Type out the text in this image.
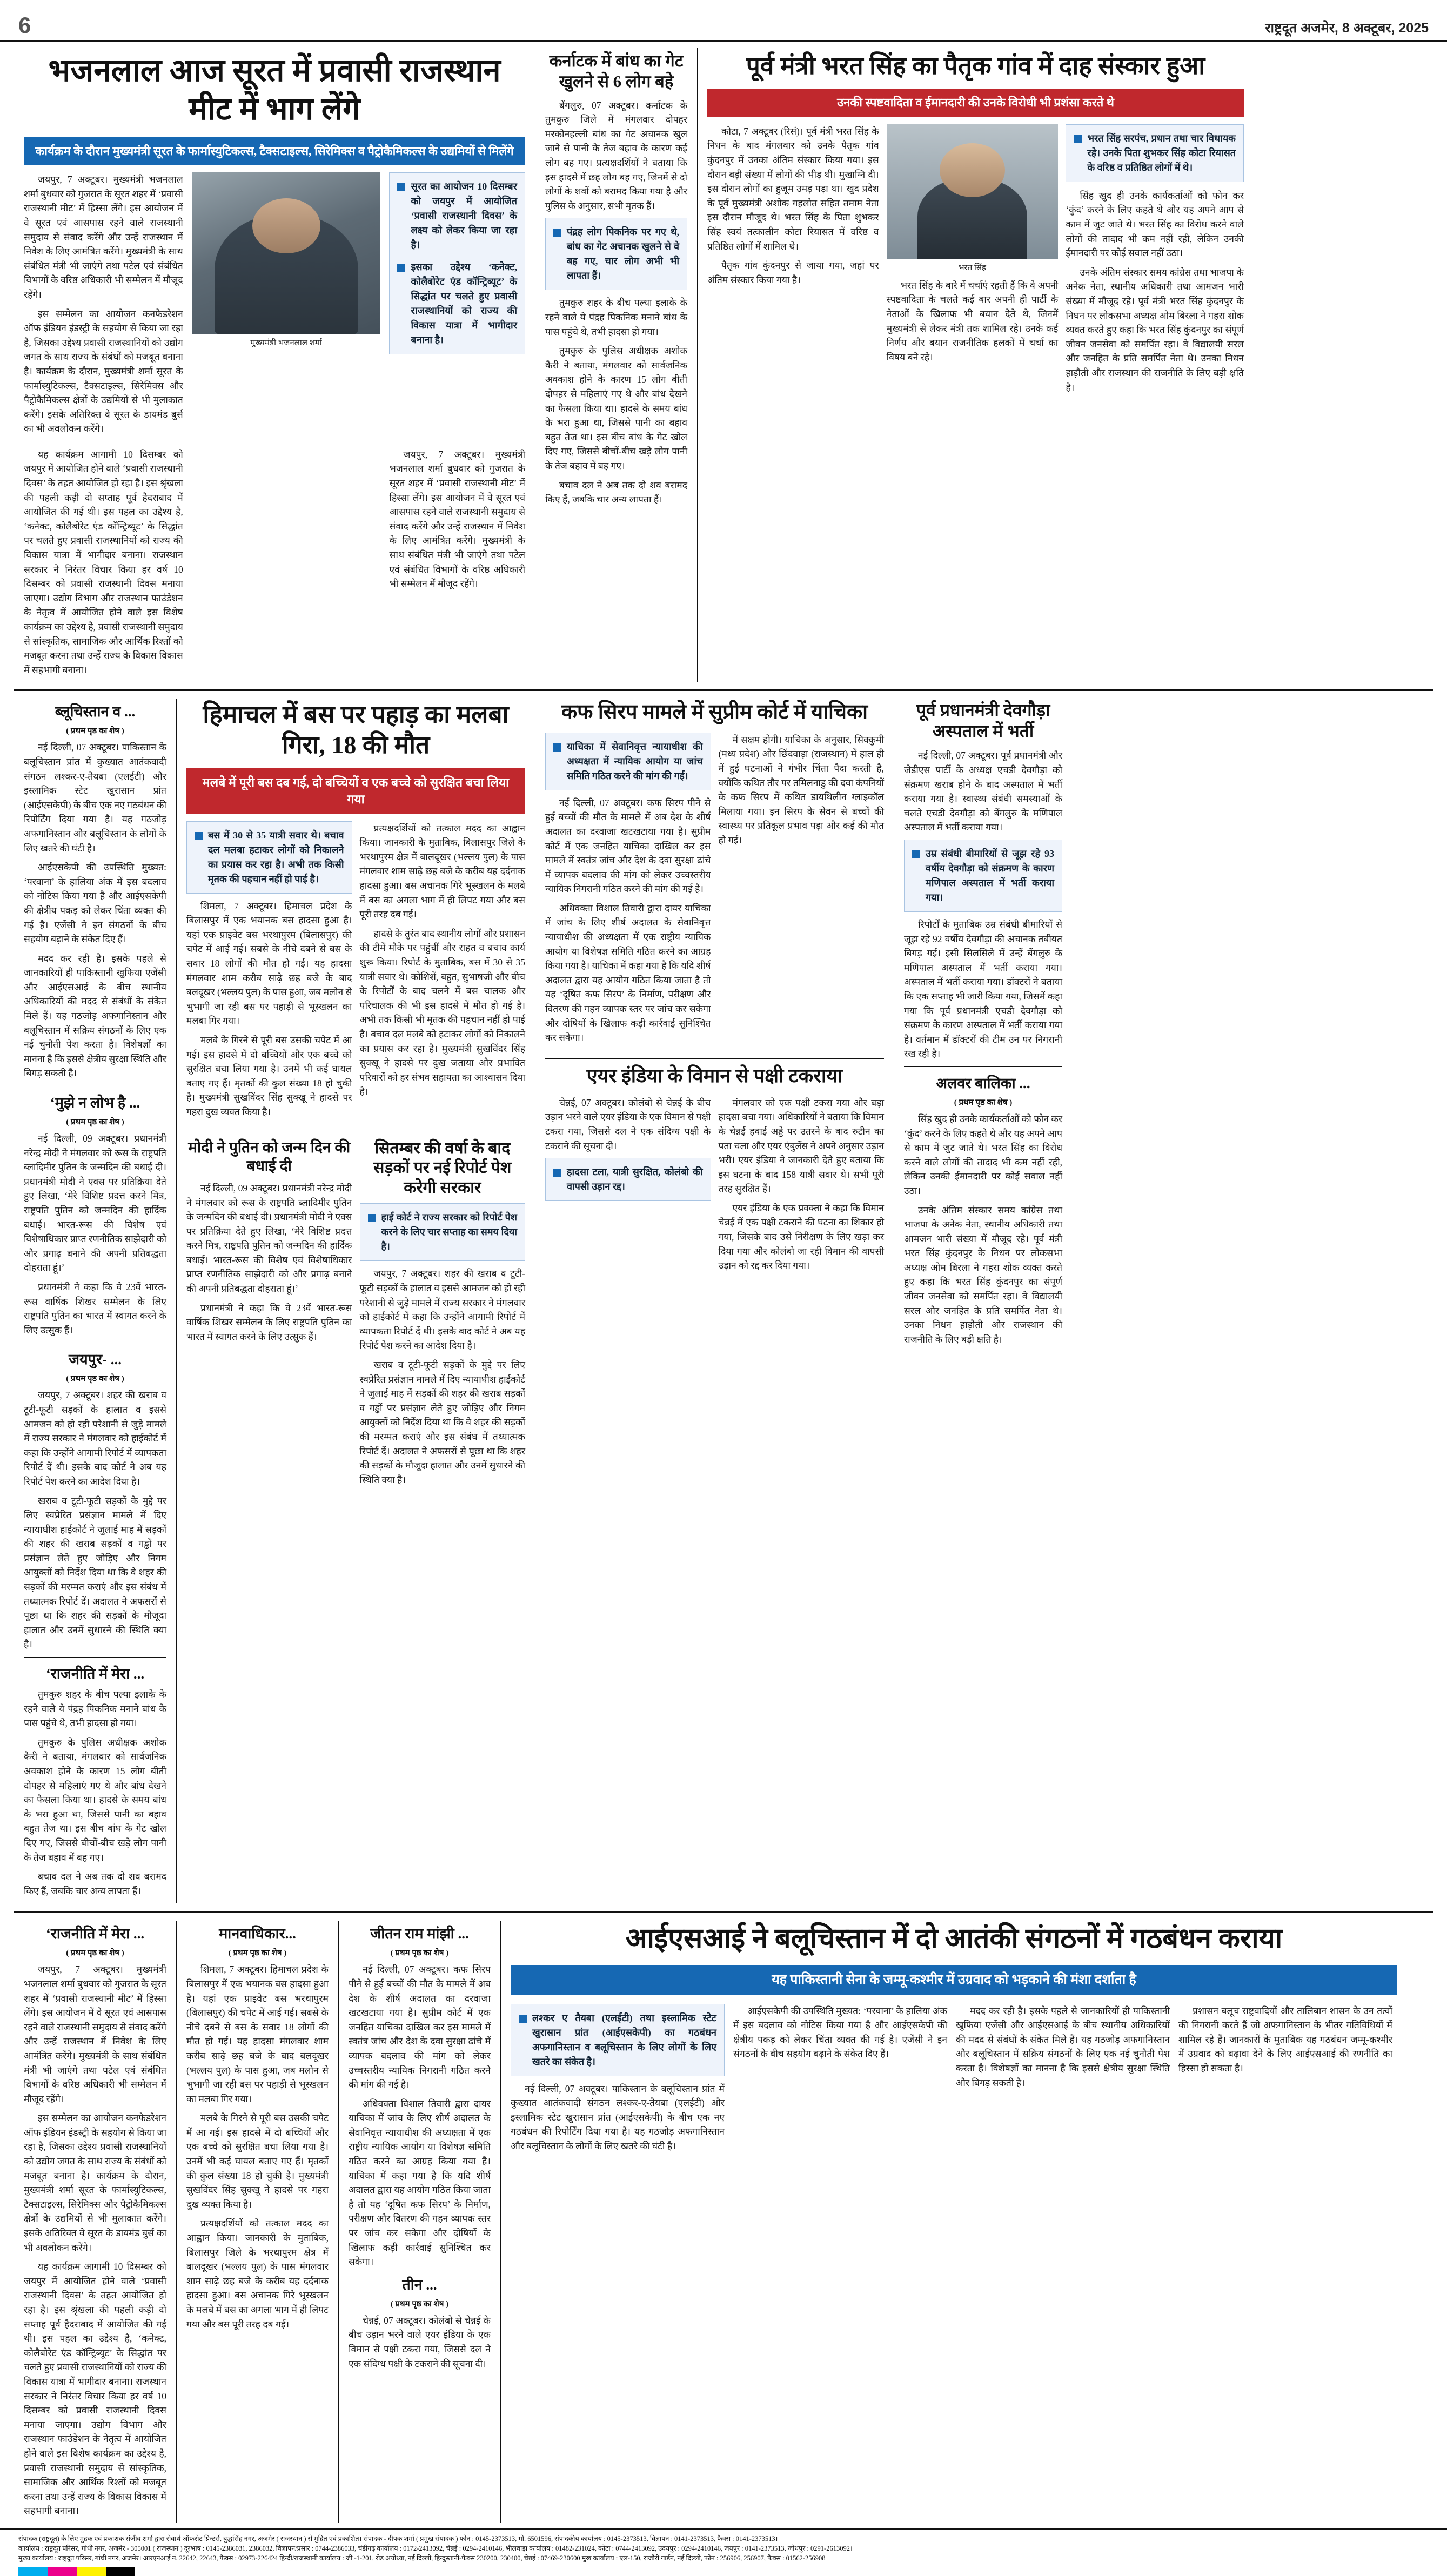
6	राष्ट्रदूत अजमेर, 8 अक्टूबर, 2025
भजनलाल आज सूरत में प्रवासी राजस्थान मीट में भाग लेंगे
कार्यक्रम के दौरान मुख्यमंत्री सूरत के फार्मास्युटिकल्स, टैक्सटाइल्स, सिरेमिक्स व पैट्रोकैमिकल्स के उद्यमियों से मिलेंगे

जयपुर, 7 अक्टूबर। मुख्यमंत्री भजनलाल शर्मा बुधवार को गुजरात के सूरत शहर में ‘प्रवासी राजस्थानी मीट’ में हिस्सा लेंगे। इस आयोजन में वे सूरत एवं आसपास रहने वाले राजस्थानी समुदाय से संवाद करेंगे और उन्हें राजस्थान में निवेश के लिए आमंत्रित करेंगे। मुख्यमंत्री के साथ संबंधित मंत्री भी जाएंगे तथा पटेल एवं संबंधित विभागों के वरिष्ठ अधिकारी भी सम्मेलन में मौजूद रहेंगे।

इस सम्मेलन का आयोजन कनफेडरेशन ऑफ इंडियन इंडस्ट्री के सहयोग से किया जा रहा है, जिसका उद्देश्य प्रवासी राजस्थानियों को उद्योग जगत के साथ राज्य के संबंधों को मजबूत बनाना है। कार्यक्रम के दौरान, मुख्यमंत्री शर्मा सूरत के फार्मास्युटिकल्स, टैक्सटाइल्स, सिरेमिक्स और पैट्रोकैमिकल्स क्षेत्रों के उद्यमियों से भी मुलाकात करेंगे। इसके अतिरिक्त वे सूरत के डायमंड बुर्स का भी अवलोकन करेंगे।

मुख्यमंत्री भजनलाल शर्मा
सूरत का आयोजन 10 दिसम्बर को जयपुर में आयोजित ‘प्रवासी राजस्थानी दिवस’ के लक्ष्य को लेकर किया जा रहा है।
इसका उद्देश्य ‘कनेक्ट, कोलैबोरेट एंड कॉन्ट्रिब्यूट’ के सिद्धांत पर चलते हुए प्रवासी राजस्थानियों को राज्य की विकास यात्रा में भागीदार बनाना है।

यह कार्यक्रम आगामी 10 दिसम्बर को जयपुर में आयोजित होने वाले ‘प्रवासी राजस्थानी दिवस’ के तहत आयोजित हो रहा है। इस श्रृंखला की पहली कड़ी दो सप्ताह पूर्व हैदराबाद में आयोजित की गई थी। इस पहल का उद्देश्य है, ‘कनेक्ट, कोलैबोरेट एंड कॉन्ट्रिब्यूट’ के सिद्धांत पर चलते हुए प्रवासी राजस्थानियों को राज्य की विकास यात्रा में भागीदार बनाना। राजस्थान सरकार ने निरंतर विचार किया हर वर्ष 10 दिसम्बर को प्रवासी राजस्थानी दिवस मनाया जाएगा। उद्योग विभाग और राजस्थान फाउंडेशन के नेतृत्व में आयोजित होने वाले इस विशेष कार्यक्रम का उद्देश्य है, प्रवासी राजस्थानी समुदाय से सांस्कृतिक, सामाजिक और आर्थिक रिश्तों को मजबूत करना तथा उन्हें राज्य के विकास विकास में सहभागी बनाना।

जयपुर, 7 अक्टूबर। मुख्यमंत्री भजनलाल शर्मा बुधवार को गुजरात के सूरत शहर में ‘प्रवासी राजस्थानी मीट’ में हिस्सा लेंगे। इस आयोजन में वे सूरत एवं आसपास रहने वाले राजस्थानी समुदाय से संवाद करेंगे और उन्हें राजस्थान में निवेश के लिए आमंत्रित करेंगे। मुख्यमंत्री के साथ संबंधित मंत्री भी जाएंगे तथा पटेल एवं संबंधित विभागों के वरिष्ठ अधिकारी भी सम्मेलन में मौजूद रहेंगे।

कर्नाटक में बांध का गेट खुलने से 6 लोग बहे

बेंगलुरु, 07 अक्टूबर। कर्नाटक के तुमकुरु जिले में मंगलवार दोपहर मरकोनहल्ली बांध का गेट अचानक खुल जाने से पानी के तेज बहाव के कारण कई लोग बह गए। प्रत्यक्षदर्शियों ने बताया कि इस हादसे में छह लोग बह गए, जिनमें से दो लोगों के शवों को बरामद किया गया है और पुलिस के अनुसार, सभी मृतक हैं।

पंद्रह लोग पिकनिक पर गए थे, बांध का गेट अचानक खुलने से वे बह गए, चार लोग अभी भी लापता हैं।

तुमकुरु शहर के बीच पल्या इलाके के रहने वाले ये पंद्रह पिकनिक मनाने बांध के पास पहुंचे थे, तभी हादसा हो गया।

तुमकुरु के पुलिस अधीक्षक अशोक कैरी ने बताया, मंगलवार को सार्वजनिक अवकाश होने के कारण 15 लोग बीती दोपहर से महिलाएं गए थे और बांध देखने का फैसला किया था। हादसे के समय बांध के भरा हुआ था, जिससे पानी का बहाव बहुत तेज था। इस बीच बांध के गेट खोल दिए गए, जिससे बीचों-बीच खड़े लोग पानी के तेज बहाव में बह गए।

बचाव दल ने अब तक दो शव बरामद किए हैं, जबकि चार अन्य लापता हैं।

पूर्व मंत्री भरत सिंह का पैतृक गांव में दाह संस्कार हुआ
उनकी स्पष्टवादिता व ईमानदारी की उनके विरोधी भी प्रशंसा करते थे

कोटा, 7 अक्टूबर (रिसं)। पूर्व मंत्री भरत सिंह के निधन के बाद मंगलवार को उनके पैतृक गांव कुंदनपुर में उनका अंतिम संस्कार किया गया। इस दौरान बड़ी संख्या में लोगों की भीड़ थी। मुखाग्नि दी। इस दौरान लोगों का हुजूम उमड़ पड़ा था। खुद प्रदेश के पूर्व मुख्यमंत्री अशोक गहलोत सहित तमाम नेता इस दौरान मौजूद थे। भरत सिंह के पिता शुभकर सिंह स्वयं तत्कालीन कोटा रियासत में वरिष्ठ व प्रतिष्ठित लोगों में शामिल थे।

पैतृक गांव कुंदनपुर से जाया गया, जहां पर अंतिम संस्कार किया गया है।

भरत सिंह

भरत सिंह के बारे में चर्चाएं रहती हैं कि वे अपनी स्पष्टवादिता के चलते कई बार अपनी ही पार्टी के नेताओं के खिलाफ भी बयान देते थे, जिनमें मुख्यमंत्री से लेकर मंत्री तक शामिल रहे। उनके कई निर्णय और बयान राजनीतिक हलकों में चर्चा का विषय बने रहे।

भरत सिंह सरपंच, प्रधान तथा चार विधायक रहे। उनके पिता शुभकर सिंह कोटा रियासत के वरिष्ठ व प्रतिष्ठित लोगों में थे।

सिंह खुद ही उनके कार्यकर्ताओं को फोन कर ‘कुंद’ करने के लिए कहते थे और यह अपने आप से काम में जुट जाते थे। भरत सिंह का विरोध करने वाले लोगों की तादाद भी कम नहीं रही, लेकिन उनकी ईमानदारी पर कोई सवाल नहीं उठा।

उनके अंतिम संस्कार समय कांग्रेस तथा भाजपा के अनेक नेता, स्थानीय अधिकारी तथा आमजन भारी संख्या में मौजूद रहे। पूर्व मंत्री भरत सिंह कुंदनपुर के निधन पर लोकसभा अध्यक्ष ओम बिरला ने गहरा शोक व्यक्त करते हुए कहा कि भरत सिंह कुंदनपुर का संपूर्ण जीवन जनसेवा को समर्पित रहा। वे विद्यालयी सरल और जनहित के प्रति समर्पित नेता थे। उनका निधन हाड़ौती और राजस्थान की राजनीति के लिए बड़ी क्षति है।

ब्लूचिस्तान व ...
( प्रथम पृष्ठ का शेष )

नई दिल्ली, 07 अक्टूबर। पाकिस्तान के बलूचिस्तान प्रांत में कुख्यात आतंकवादी संगठन लश्कर-ए-तैयबा (एलईटी) और इस्लामिक स्टेट खुरासान प्रांत (आईएसकेपी) के बीच एक नए गठबंधन की रिपोर्टिंग दिया गया है। यह गठजोड़ अफगानिस्तान और बलूचिस्तान के लोगों के लिए खतरे की घंटी है।

आईएसकेपी की उपस्थिति मुख्यत: ‘परवाना’ के हालिया अंक में इस बदलाव को नोटिस किया गया है और आईएसकेपी की क्षेत्रीय पकड़ को लेकर चिंता व्यक्त की गई है। एजेंसी ने इन संगठनों के बीच सहयोग बढ़ाने के संकेत दिए हैं।

मदद कर रही है। इसके पहले से जानकारियों ही पाकिस्तानी खुफिया एजेंसी और आईएसआई के बीच स्थानीय अधिकारियों की मदद से संबंधों के संकेत मिले हैं। यह गठजोड़ अफगानिस्तान और बलूचिस्तान में सक्रिय संगठनों के लिए एक नई चुनौती पेश करता है। विशेषज्ञों का मानना है कि इससे क्षेत्रीय सुरक्षा स्थिति और बिगड़ सकती है।

‘मुझे न लोभ है ...
( प्रथम पृष्ठ का शेष )

नई दिल्ली, 09 अक्टूबर। प्रधानमंत्री नरेन्द्र मोदी ने मंगलवार को रूस के राष्ट्रपति ब्लादिमीर पुतिन के जन्मदिन की बधाई दी। प्रधानमंत्री मोदी ने एक्स पर प्रतिक्रिया देते हुए लिखा, ‘मेरे विशिष्ट प्रदत्त करने मित्र, राष्ट्रपति पुतिन को जन्मदिन की हार्दिक बधाई। भारत-रूस की विशेष एवं विशेषाधिकार प्राप्त रणनीतिक साझेदारी को और प्रगाढ़ बनाने की अपनी प्रतिबद्धता दोहराता हूं।’

प्रधानमंत्री ने कहा कि वे 23वें भारत-रूस वार्षिक शिखर सम्मेलन के लिए राष्ट्रपति पुतिन का भारत में स्वागत करने के लिए उत्सुक हैं।

जयपुर- ...
( प्रथम पृष्ठ का शेष )

जयपुर, 7 अक्टूबर। शहर की खराब व टूटी-फूटी सड़कों के हालात व इससे आमजन को हो रही परेशानी से जुड़े मामले में राज्य सरकार ने मंगलवार को हाईकोर्ट में कहा कि उन्होंने आगामी रिपोर्ट में व्यापकता रिपोर्ट दें थी। इसके बाद कोर्ट ने अब यह रिपोर्ट पेश करने का आदेश दिया है।

खराब व टूटी-फूटी सड़कों के मुद्दे पर लिए स्वप्रेरित प्रसंज्ञान मामले में दिए न्यायाधीश हाईकोर्ट ने जुलाई माह में सड़कों की शहर की खराब सड़कों व गड्ढों पर प्रसंज्ञान लेते हुए जोड़िए और निगम आयुक्तों को निर्देश दिया था कि वे शहर की सड़कों की मरम्मत कराएं और इस संबंध में तथ्यात्मक रिपोर्ट दें। अदालत ने अफसरों से पूछा था कि शहर की सड़कों के मौजूदा हालात और उनमें सुधारने की स्थिति क्या है।

‘राजनीति में मेरा ...

तुमकुरु शहर के बीच पल्या इलाके के रहने वाले ये पंद्रह पिकनिक मनाने बांध के पास पहुंचे थे, तभी हादसा हो गया।

तुमकुरु के पुलिस अधीक्षक अशोक कैरी ने बताया, मंगलवार को सार्वजनिक अवकाश होने के कारण 15 लोग बीती दोपहर से महिलाएं गए थे और बांध देखने का फैसला किया था। हादसे के समय बांध के भरा हुआ था, जिससे पानी का बहाव बहुत तेज था। इस बीच बांध के गेट खोल दिए गए, जिससे बीचों-बीच खड़े लोग पानी के तेज बहाव में बह गए।

बचाव दल ने अब तक दो शव बरामद किए हैं, जबकि चार अन्य लापता हैं।

हिमाचल में बस पर पहाड़ का मलबा गिरा, 18 की मौत
मलबे में पूरी बस दब गई, दो बच्चियों व एक बच्चे को सुरक्षित बचा लिया गया
बस में 30 से 35 यात्री सवार थे। बचाव दल मलबा हटाकर लोगों को निकालने का प्रयास कर रहा है। अभी तक किसी मृतक की पहचान नहीं हो पाई है।

शिमला, 7 अक्टूबर। हिमाचल प्रदेश के बिलासपुर में एक भयानक बस हादसा हुआ है। यहां एक प्राइवेट बस भरथापुरम (बिलासपुर) की चपेट में आई गई। सबसे के नीचे दबने से बस के सवार 18 लोगों की मौत हो गई। यह हादसा मंगलवार शाम करीब साढ़े छह बजे के बाद बलदूखर (भल्लय पुल) के पास हुआ, जब मलोन से भुभागी जा रही बस पर पहाड़ी से भूस्खलन का मलबा गिर गया।

मलबे के गिरने से पूरी बस उसकी चपेट में आ गई। इस हादसे में दो बच्चियों और एक बच्चे को सुरक्षित बचा लिया गया है। उनमें भी कई घायल बताए गए हैं। मृतकों की कुल संख्या 18 हो चुकी है। मुख्यमंत्री सुखविंदर सिंह सुक्खू ने हादसे पर गहरा दुख व्यक्त किया है।

प्रत्यक्षदर्शियों को तत्काल मदद का आह्वान किया। जानकारी के मुताबिक, बिलासपुर जिले के भरथापुरम क्षेत्र में बालदूखर (भल्लय पुल) के पास मंगलवार शाम साढ़े छह बजे के करीब यह दर्दनाक हादसा हुआ। बस अचानक गिरे भूस्खलन के मलबे में बस का अगला भाग में ही लिपट गया और बस पूरी तरह दब गई।

हादसे के तुरंत बाद स्थानीय लोगों और प्रशासन की टीमें मौके पर पहुंचीं और राहत व बचाव कार्य शुरू किया। रिपोर्ट के मुताबिक, बस में 30 से 35 यात्री सवार थे। कोशिशें, बहुत, सुभाषजी और बीच के रिपोर्टों के बाद चलने में बस चालक और परिचालक की भी इस हादसे में मौत हो गई है। अभी तक किसी भी मृतक की पहचान नहीं हो पाई है। बचाव दल मलबे को हटाकर लोगों को निकालने का प्रयास कर रहा है। मुख्यमंत्री सुखविंदर सिंह सुक्खू ने हादसे पर दुख जताया और प्रभावित परिवारों को हर संभव सहायता का आश्वासन दिया है।

मोदी ने पुतिन को जन्म दिन की बधाई दी

नई दिल्ली, 09 अक्टूबर। प्रधानमंत्री नरेन्द्र मोदी ने मंगलवार को रूस के राष्ट्रपति ब्लादिमीर पुतिन के जन्मदिन की बधाई दी। प्रधानमंत्री मोदी ने एक्स पर प्रतिक्रिया देते हुए लिखा, ‘मेरे विशिष्ट प्रदत्त करने मित्र, राष्ट्रपति पुतिन को जन्मदिन की हार्दिक बधाई। भारत-रूस की विशेष एवं विशेषाधिकार प्राप्त रणनीतिक साझेदारी को और प्रगाढ़ बनाने की अपनी प्रतिबद्धता दोहराता हूं।’

प्रधानमंत्री ने कहा कि वे 23वें भारत-रूस वार्षिक शिखर सम्मेलन के लिए राष्ट्रपति पुतिन का भारत में स्वागत करने के लिए उत्सुक हैं।

सितम्बर की वर्षा के बाद सड़कों पर नई रिपोर्ट पेश करेगी सरकार
हाई कोर्ट ने राज्य सरकार को रिपोर्ट पेश करने के लिए चार सप्ताह का समय दिया है।

जयपुर, 7 अक्टूबर। शहर की खराब व टूटी-फूटी सड़कों के हालात व इससे आमजन को हो रही परेशानी से जुड़े मामले में राज्य सरकार ने मंगलवार को हाईकोर्ट में कहा कि उन्होंने आगामी रिपोर्ट में व्यापकता रिपोर्ट दें थी। इसके बाद कोर्ट ने अब यह रिपोर्ट पेश करने का आदेश दिया है।

खराब व टूटी-फूटी सड़कों के मुद्दे पर लिए स्वप्रेरित प्रसंज्ञान मामले में दिए न्यायाधीश हाईकोर्ट ने जुलाई माह में सड़कों की शहर की खराब सड़कों व गड्ढों पर प्रसंज्ञान लेते हुए जोड़िए और निगम आयुक्तों को निर्देश दिया था कि वे शहर की सड़कों की मरम्मत कराएं और इस संबंध में तथ्यात्मक रिपोर्ट दें। अदालत ने अफसरों से पूछा था कि शहर की सड़कों के मौजूदा हालात और उनमें सुधारने की स्थिति क्या है।

कफ सिरप मामले में सुप्रीम कोर्ट में याचिका
याचिका में सेवानिवृत्त न्यायाधीश की अध्यक्षता में न्यायिक आयोग या जांच समिति गठित करने की मांग की गई।

नई दिल्ली, 07 अक्टूबर। कफ सिरप पीने से हुई बच्चों की मौत के मामले में अब देश के शीर्ष अदालत का दरवाजा खटखटाया गया है। सुप्रीम कोर्ट में एक जनहित याचिका दाखिल कर इस मामले में स्वतंत्र जांच और देश के दवा सुरक्षा ढांचे में व्यापक बदलाव की मांग को लेकर उच्चस्तरीय न्यायिक निगरानी गठित करने की मांग की गई है।

अधिवक्ता विशाल तिवारी द्वारा दायर याचिका में जांच के लिए शीर्ष अदालत के सेवानिवृत्त न्यायाधीश की अध्यक्षता में एक राष्ट्रीय न्यायिक आयोग या विशेषज्ञ समिति गठित करने का आग्रह किया गया है। याचिका में कहा गया है कि यदि शीर्ष अदालत द्वारा यह आयोग गठित किया जाता है तो यह ‘दूषित कफ सिरप’ के निर्माण, परीक्षण और वितरण की गहन व्यापक स्तर पर जांच कर सकेगा और दोषियों के खिलाफ कड़ी कार्रवाई सुनिश्चित कर सकेगा।

में सक्षम होगी। याचिका के अनुसार, सिक्कुमी (मध्य प्रदेश) और छिंदवाड़ा (राजस्थान) में हाल ही में हुई घटनाओं ने गंभीर चिंता पैदा करती है, क्योंकि कथित तौर पर तमिलनाडु की दवा कंपनियों के कफ सिरप में कथित डायथिलीन ग्लाइकॉल मिलाया गया। इन सिरप के सेवन से बच्चों की स्वास्थ्य पर प्रतिकूल प्रभाव पड़ा और कई की मौत हो गई।

एयर इंडिया के विमान से पक्षी टकराया

चेन्नई, 07 अक्टूबर। कोलंबो से चेन्नई के बीच उड़ान भरने वाले एयर इंडिया के एक विमान से पक्षी टकरा गया, जिससे दल ने एक संदिग्ध पक्षी के टकराने की सूचना दी।

हादसा टला, यात्री सुरक्षित, कोलंबो की वापसी उड़ान रद्द।

मंगलवार को एक पक्षी टकरा गया और बड़ा हादसा बचा गया। अधिकारियों ने बताया कि विमान के चेन्नई हवाई अड्डे पर उतरने के बाद रुटीन का पता चला और एयर एंबुलेंस ने अपने अनुसार उड़ान भरी। एयर इंडिया ने जानकारी देते हुए बताया कि इस घटना के बाद 158 यात्री सवार थे। सभी पूरी तरह सुरक्षित हैं।

एयर इंडिया के एक प्रवक्ता ने कहा कि विमान चेन्नई में एक पक्षी टकराने की घटना का शिकार हो गया, जिसके बाद उसे निरीक्षण के लिए खड़ा कर दिया गया और कोलंबो जा रही विमान की वापसी उड़ान को रद्द कर दिया गया।

पूर्व प्रधानमंत्री देवगौड़ा अस्पताल में भर्ती

नई दिल्ली, 07 अक्टूबर। पूर्व प्रधानमंत्री और जेडीएस पार्टी के अध्यक्ष एचडी देवगौड़ा को संक्रमण खराब होने के बाद अस्पताल में भर्ती कराया गया है। स्वास्थ्य संबंधी समस्याओं के चलते एचडी देवगौड़ा को बेंगलुरु के मणिपाल अस्पताल में भर्ती कराया गया।

उम्र संबंधी बीमारियों से जूझ रहे 93 वर्षीय देवगौड़ा को संक्रमण के कारण मणिपाल अस्पताल में भर्ती कराया गया।

रिपोर्टों के मुताबिक उम्र संबंधी बीमारियों से जूझ रहे 92 वर्षीय देवगौड़ा की अचानक तबीयत बिगड़ गई। इसी सिलसिले में उन्हें बेंगलुरु के मणिपाल अस्पताल में भर्ती कराया गया। अस्पताल में भर्ती कराया गया। डॉक्टरों ने बताया कि एक सप्ताह भी जारी किया गया, जिसमें कहा गया कि पूर्व प्रधानमंत्री एचडी देवगौड़ा को संक्रमण के कारण अस्पताल में भर्ती कराया गया है। वर्तमान में डॉक्टरों की टीम उन पर निगरानी रख रही है।

अलवर बालिका ...
( प्रथम पृष्ठ का शेष )

सिंह खुद ही उनके कार्यकर्ताओं को फोन कर ‘कुंद’ करने के लिए कहते थे और यह अपने आप से काम में जुट जाते थे। भरत सिंह का विरोध करने वाले लोगों की तादाद भी कम नहीं रही, लेकिन उनकी ईमानदारी पर कोई सवाल नहीं उठा।

उनके अंतिम संस्कार समय कांग्रेस तथा भाजपा के अनेक नेता, स्थानीय अधिकारी तथा आमजन भारी संख्या में मौजूद रहे। पूर्व मंत्री भरत सिंह कुंदनपुर के निधन पर लोकसभा अध्यक्ष ओम बिरला ने गहरा शोक व्यक्त करते हुए कहा कि भरत सिंह कुंदनपुर का संपूर्ण जीवन जनसेवा को समर्पित रहा। वे विद्यालयी सरल और जनहित के प्रति समर्पित नेता थे। उनका निधन हाड़ौती और राजस्थान की राजनीति के लिए बड़ी क्षति है।

‘राजनीति में मेरा ...
( प्रथम पृष्ठ का शेष )

जयपुर, 7 अक्टूबर। मुख्यमंत्री भजनलाल शर्मा बुधवार को गुजरात के सूरत शहर में ‘प्रवासी राजस्थानी मीट’ में हिस्सा लेंगे। इस आयोजन में वे सूरत एवं आसपास रहने वाले राजस्थानी समुदाय से संवाद करेंगे और उन्हें राजस्थान में निवेश के लिए आमंत्रित करेंगे। मुख्यमंत्री के साथ संबंधित मंत्री भी जाएंगे तथा पटेल एवं संबंधित विभागों के वरिष्ठ अधिकारी भी सम्मेलन में मौजूद रहेंगे।

इस सम्मेलन का आयोजन कनफेडरेशन ऑफ इंडियन इंडस्ट्री के सहयोग से किया जा रहा है, जिसका उद्देश्य प्रवासी राजस्थानियों को उद्योग जगत के साथ राज्य के संबंधों को मजबूत बनाना है। कार्यक्रम के दौरान, मुख्यमंत्री शर्मा सूरत के फार्मास्युटिकल्स, टैक्सटाइल्स, सिरेमिक्स और पैट्रोकैमिकल्स क्षेत्रों के उद्यमियों से भी मुलाकात करेंगे। इसके अतिरिक्त वे सूरत के डायमंड बुर्स का भी अवलोकन करेंगे।

यह कार्यक्रम आगामी 10 दिसम्बर को जयपुर में आयोजित होने वाले ‘प्रवासी राजस्थानी दिवस’ के तहत आयोजित हो रहा है। इस श्रृंखला की पहली कड़ी दो सप्ताह पूर्व हैदराबाद में आयोजित की गई थी। इस पहल का उद्देश्य है, ‘कनेक्ट, कोलैबोरेट एंड कॉन्ट्रिब्यूट’ के सिद्धांत पर चलते हुए प्रवासी राजस्थानियों को राज्य की विकास यात्रा में भागीदार बनाना। राजस्थान सरकार ने निरंतर विचार किया हर वर्ष 10 दिसम्बर को प्रवासी राजस्थानी दिवस मनाया जाएगा। उद्योग विभाग और राजस्थान फाउंडेशन के नेतृत्व में आयोजित होने वाले इस विशेष कार्यक्रम का उद्देश्य है, प्रवासी राजस्थानी समुदाय से सांस्कृतिक, सामाजिक और आर्थिक रिश्तों को मजबूत करना तथा उन्हें राज्य के विकास विकास में सहभागी बनाना।

मानवाधिकार...
( प्रथम पृष्ठ का शेष )

शिमला, 7 अक्टूबर। हिमाचल प्रदेश के बिलासपुर में एक भयानक बस हादसा हुआ है। यहां एक प्राइवेट बस भरथापुरम (बिलासपुर) की चपेट में आई गई। सबसे के नीचे दबने से बस के सवार 18 लोगों की मौत हो गई। यह हादसा मंगलवार शाम करीब साढ़े छह बजे के बाद बलदूखर (भल्लय पुल) के पास हुआ, जब मलोन से भुभागी जा रही बस पर पहाड़ी से भूस्खलन का मलबा गिर गया।

मलबे के गिरने से पूरी बस उसकी चपेट में आ गई। इस हादसे में दो बच्चियों और एक बच्चे को सुरक्षित बचा लिया गया है। उनमें भी कई घायल बताए गए हैं। मृतकों की कुल संख्या 18 हो चुकी है। मुख्यमंत्री सुखविंदर सिंह सुक्खू ने हादसे पर गहरा दुख व्यक्त किया है।

प्रत्यक्षदर्शियों को तत्काल मदद का आह्वान किया। जानकारी के मुताबिक, बिलासपुर जिले के भरथापुरम क्षेत्र में बालदूखर (भल्लय पुल) के पास मंगलवार शाम साढ़े छह बजे के करीब यह दर्दनाक हादसा हुआ। बस अचानक गिरे भूस्खलन के मलबे में बस का अगला भाग में ही लिपट गया और बस पूरी तरह दब गई।

जीतन राम मांझी ...
( प्रथम पृष्ठ का शेष )

नई दिल्ली, 07 अक्टूबर। कफ सिरप पीने से हुई बच्चों की मौत के मामले में अब देश के शीर्ष अदालत का दरवाजा खटखटाया गया है। सुप्रीम कोर्ट में एक जनहित याचिका दाखिल कर इस मामले में स्वतंत्र जांच और देश के दवा सुरक्षा ढांचे में व्यापक बदलाव की मांग को लेकर उच्चस्तरीय न्यायिक निगरानी गठित करने की मांग की गई है।

अधिवक्ता विशाल तिवारी द्वारा दायर याचिका में जांच के लिए शीर्ष अदालत के सेवानिवृत्त न्यायाधीश की अध्यक्षता में एक राष्ट्रीय न्यायिक आयोग या विशेषज्ञ समिति गठित करने का आग्रह किया गया है। याचिका में कहा गया है कि यदि शीर्ष अदालत द्वारा यह आयोग गठित किया जाता है तो यह ‘दूषित कफ सिरप’ के निर्माण, परीक्षण और वितरण की गहन व्यापक स्तर पर जांच कर सकेगा और दोषियों के खिलाफ कड़ी कार्रवाई सुनिश्चित कर सकेगा।

तीन ...
( प्रथम पृष्ठ का शेष )

चेन्नई, 07 अक्टूबर। कोलंबो से चेन्नई के बीच उड़ान भरने वाले एयर इंडिया के एक विमान से पक्षी टकरा गया, जिससे दल ने एक संदिग्ध पक्षी के टकराने की सूचना दी।

आईएसआई ने बलूचिस्तान में दो आतंकी संगठनों में गठबंधन कराया
यह पाकिस्तानी सेना के जम्मू-कश्मीर में उग्रवाद को भड़काने की मंशा दर्शाता है
लश्कर ए तैयबा (एलईटी) तथा इस्लामिक स्टेट खुरासान प्रांत (आईएसकेपी) का गठबंधन अफगानिस्तान व बलूचिस्तान के लिए लोगों के लिए खतरे का संकेत है।

नई दिल्ली, 07 अक्टूबर। पाकिस्तान के बलूचिस्तान प्रांत में कुख्यात आतंकवादी संगठन लश्कर-ए-तैयबा (एलईटी) और इस्लामिक स्टेट खुरासान प्रांत (आईएसकेपी) के बीच एक नए गठबंधन की रिपोर्टिंग दिया गया है। यह गठजोड़ अफगानिस्तान और बलूचिस्तान के लोगों के लिए खतरे की घंटी है।

आईएसकेपी की उपस्थिति मुख्यत: ‘परवाना’ के हालिया अंक में इस बदलाव को नोटिस किया गया है और आईएसकेपी की क्षेत्रीय पकड़ को लेकर चिंता व्यक्त की गई है। एजेंसी ने इन संगठनों के बीच सहयोग बढ़ाने के संकेत दिए हैं।

मदद कर रही है। इसके पहले से जानकारियों ही पाकिस्तानी खुफिया एजेंसी और आईएसआई के बीच स्थानीय अधिकारियों की मदद से संबंधों के संकेत मिले हैं। यह गठजोड़ अफगानिस्तान और बलूचिस्तान में सक्रिय संगठनों के लिए एक नई चुनौती पेश करता है। विशेषज्ञों का मानना है कि इससे क्षेत्रीय सुरक्षा स्थिति और बिगड़ सकती है।

प्रशासन बलूच राष्ट्रवादियों और तालिबान शासन के उन तत्वों की निगरानी करते हैं जो अफगानिस्तान के भीतर गतिविधियों में शामिल रहे हैं। जानकारों के मुताबिक यह गठबंधन जम्मू-कश्मीर में उग्रवाद को बढ़ावा देने के लिए आईएसआई की रणनीति का हिस्सा हो सकता है।

संपादक (राष्ट्रदूत) के लिए मुद्रक एवं प्रकाशक संजीव शर्मा द्वारा सेवार्थ ऑफसेट प्रिन्टर्स, बुद्धसिंह नगर, अजमेर ( राजस्थान ) से मुद्रित एवं प्रकाशित। संपादक - दीपक शर्मा ( प्रमुख संपादक ) फोन : 0145-2373513, मो. 6501596, संपादकीय कार्यालय : 0145-2373513, विज्ञापन : 0141-2373513, फैक्स : 0141-2373513।
कार्यालय : राष्ट्रदूत परिसर, गांधी नगर, अजमेर - 305001 ( राजस्थान ) दूरभाष : 0145-2386031, 2386032, विज्ञापन/प्रसार : 0744-2386033, चंडीगढ़ कार्यालय : 0172-2413092, चेन्नई : 0294-2410146, भीलवाड़ा कार्यालय : 01482-231024, कोटा : 0744-2413092, उदयपुर : 0294-2410146, जयपुर : 0141-2373513, जोधपुर : 0291-2613092।
मुख्य कार्यालय : राष्ट्रदूत परिसर, गांधी नगर, अजमेर। आरएनआई नं. 22642, 22643, फैक्स : 02973-226424 हिन्दी/राजस्थानी कार्यालय : जी -1-201, रोड अयोध्या, नई दिल्ली, हिन्दुस्तानी-फैक्स 230200, 230400, चेन्नई : 07469-230600 मुख कार्यालय : एल-150, राजौरी गार्डन, नई दिल्ली, फोन : 256906, 256907, फैक्स : 01562-256908
